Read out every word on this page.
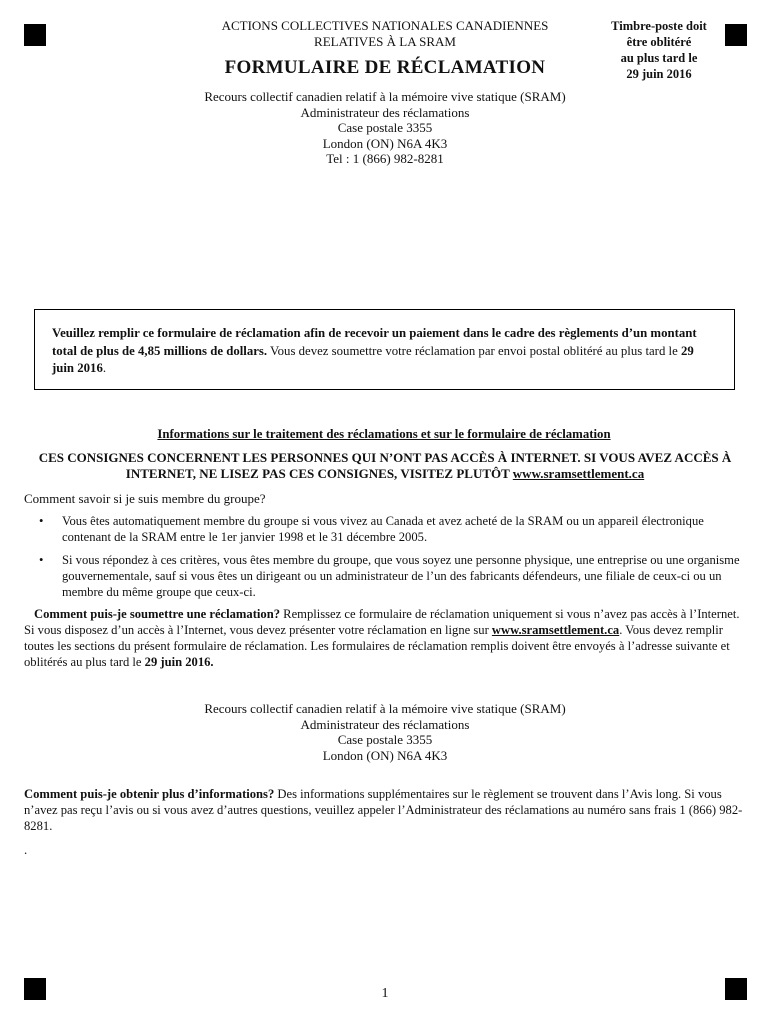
ACTIONS COLLECTIVES NATIONALES CANADIENNES
RELATIVES À LA SRAM
FORMULAIRE DE RÉCLAMATION
Timbre-poste doit
être oblitéré
au plus tard le
29 juin 2016
Recours collectif canadien relatif à la mémoire vive statique (SRAM)
Administrateur des réclamations
Case postale 3355
London (ON) N6A 4K3
Tel : 1 (866) 982-8281
Veuillez remplir ce formulaire de réclamation afin de recevoir un paiement dans le cadre des règlements d’un montant total de plus de 4,85 millions de dollars. Vous devez soumettre votre réclamation par envoi postal oblitéré au plus tard le 29 juin 2016.
Informations sur le traitement des réclamations et sur le formulaire de réclamation
CES CONSIGNES CONCERNENT LES PERSONNES QUI N’ONT PAS ACCÈS À INTERNET. SI VOUS AVEZ ACCÈS À INTERNET, NE LISEZ PAS CES CONSIGNES, VISITEZ PLUTÔT www.sramsettlement.ca
Comment savoir si je suis membre du groupe?
• Vous êtes automatiquement membre du groupe si vous vivez au Canada et avez acheté de la SRAM ou un appareil électronique contenant de la SRAM entre le 1er janvier 1998 et le 31 décembre 2005.
• Si vous répondez à ces critères, vous êtes membre du groupe, que vous soyez une personne physique, une entreprise ou une organisme gouvernementale, sauf si vous êtes un dirigeant ou un administrateur de l’un des fabricants défendeurs, une filiale de ceux-ci ou un membre du même groupe que ceux-ci.
Comment puis-je soumettre une réclamation? Remplissez ce formulaire de réclamation uniquement si vous n’avez pas accès à l’Internet. Si vous disposez d’un accès à l’Internet, vous devez présenter votre réclamation en ligne sur www.sramsettlement.ca. Vous devez remplir toutes les sections du présent formulaire de réclamation. Les formulaires de réclamation remplis doivent être envoyés à l’adresse suivante et oblitérés au plus tard le 29 juin 2016.
Recours collectif canadien relatif à la mémoire vive statique (SRAM)
Administrateur des réclamations
Case postale 3355
London (ON) N6A 4K3
Comment puis-je obtenir plus d’informations? Des informations supplémentaires sur le règlement se trouvent dans l’Avis long. Si vous n’avez pas reçu l’avis ou si vous avez d’autres questions, veuillez appeler l’Administrateur des réclamations au numéro sans frais 1 (866) 982-8281.
.
1
